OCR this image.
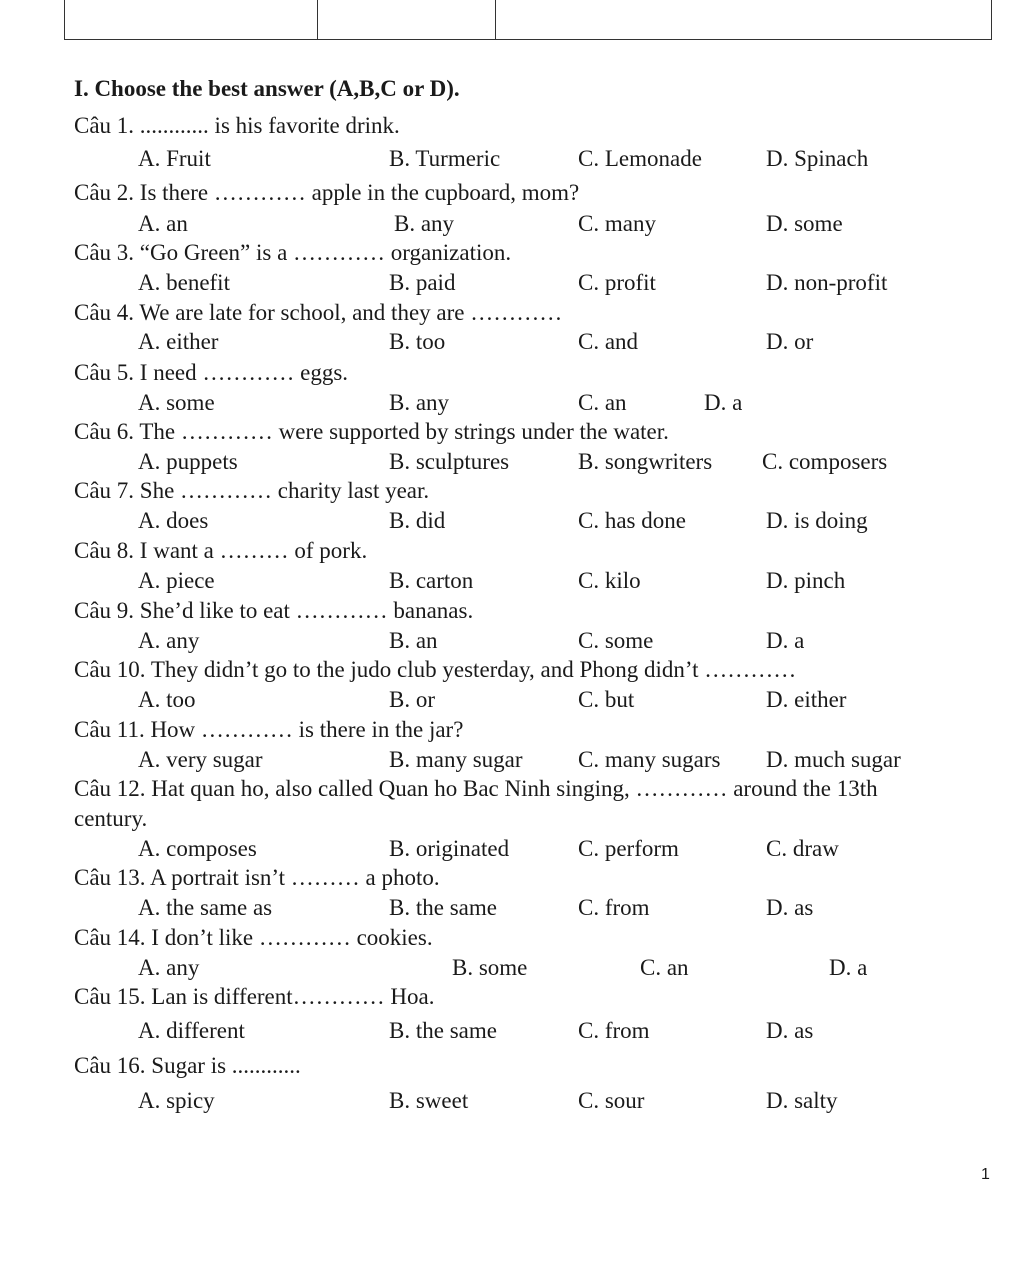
I. Choose the best answer (A,B,C or D).
Câu 1. ............ is his favorite drink.
A. Fruit	B. Turmeric	C. Lemonade	D. Spinach
Câu 2. Is there ………… apple in the cupboard, mom?
A. an	B. any	C. many	D. some
Câu 3. “Go Green” is a ………… organization.
A. benefit	B. paid	C. profit	D. non-profit
Câu 4. We are late for school, and they are …………
A. either	B. too	C. and	D. or
Câu 5. I need ………… eggs.
A. some	B. any	C. an	D. a
Câu 6. The ………… were supported by strings under the water.
A. puppets	B. sculptures	B. songwriters C. composers
Câu 7. She ………… charity last year.
A. does	B. did	C. has done	D. is doing
Câu 8. I want a ……… of pork.
A. piece	B. carton	C. kilo	D. pinch
Câu 9. She’d like to eat ………… bananas.
A. any	B. an	C. some	D. a
Câu 10. They didn’t go to the judo club yesterday, and Phong didn’t …………
A. too	B. or	C. but	D. either
Câu 11. How ………… is there in the jar?
A. very sugar	B. many sugar C. many sugars D. much sugar
Câu 12. Hat quan ho, also called Quan ho Bac Ninh singing, ………… around the 13th century.
A. composes	B. originated	C. perform	C. draw
Câu 13. A portrait isn’t ……… a photo.
A. the same as	B. the same	C. from	D. as
Câu 14. I don’t like ………… cookies.
A. any	B. some	C. an	D. a
Câu 15. Lan is different………… Hoa.
A. different	B. the same	C. from	D. as
Câu 16. Sugar is ............
A. spicy	B. sweet	C. sour	D. salty
1
